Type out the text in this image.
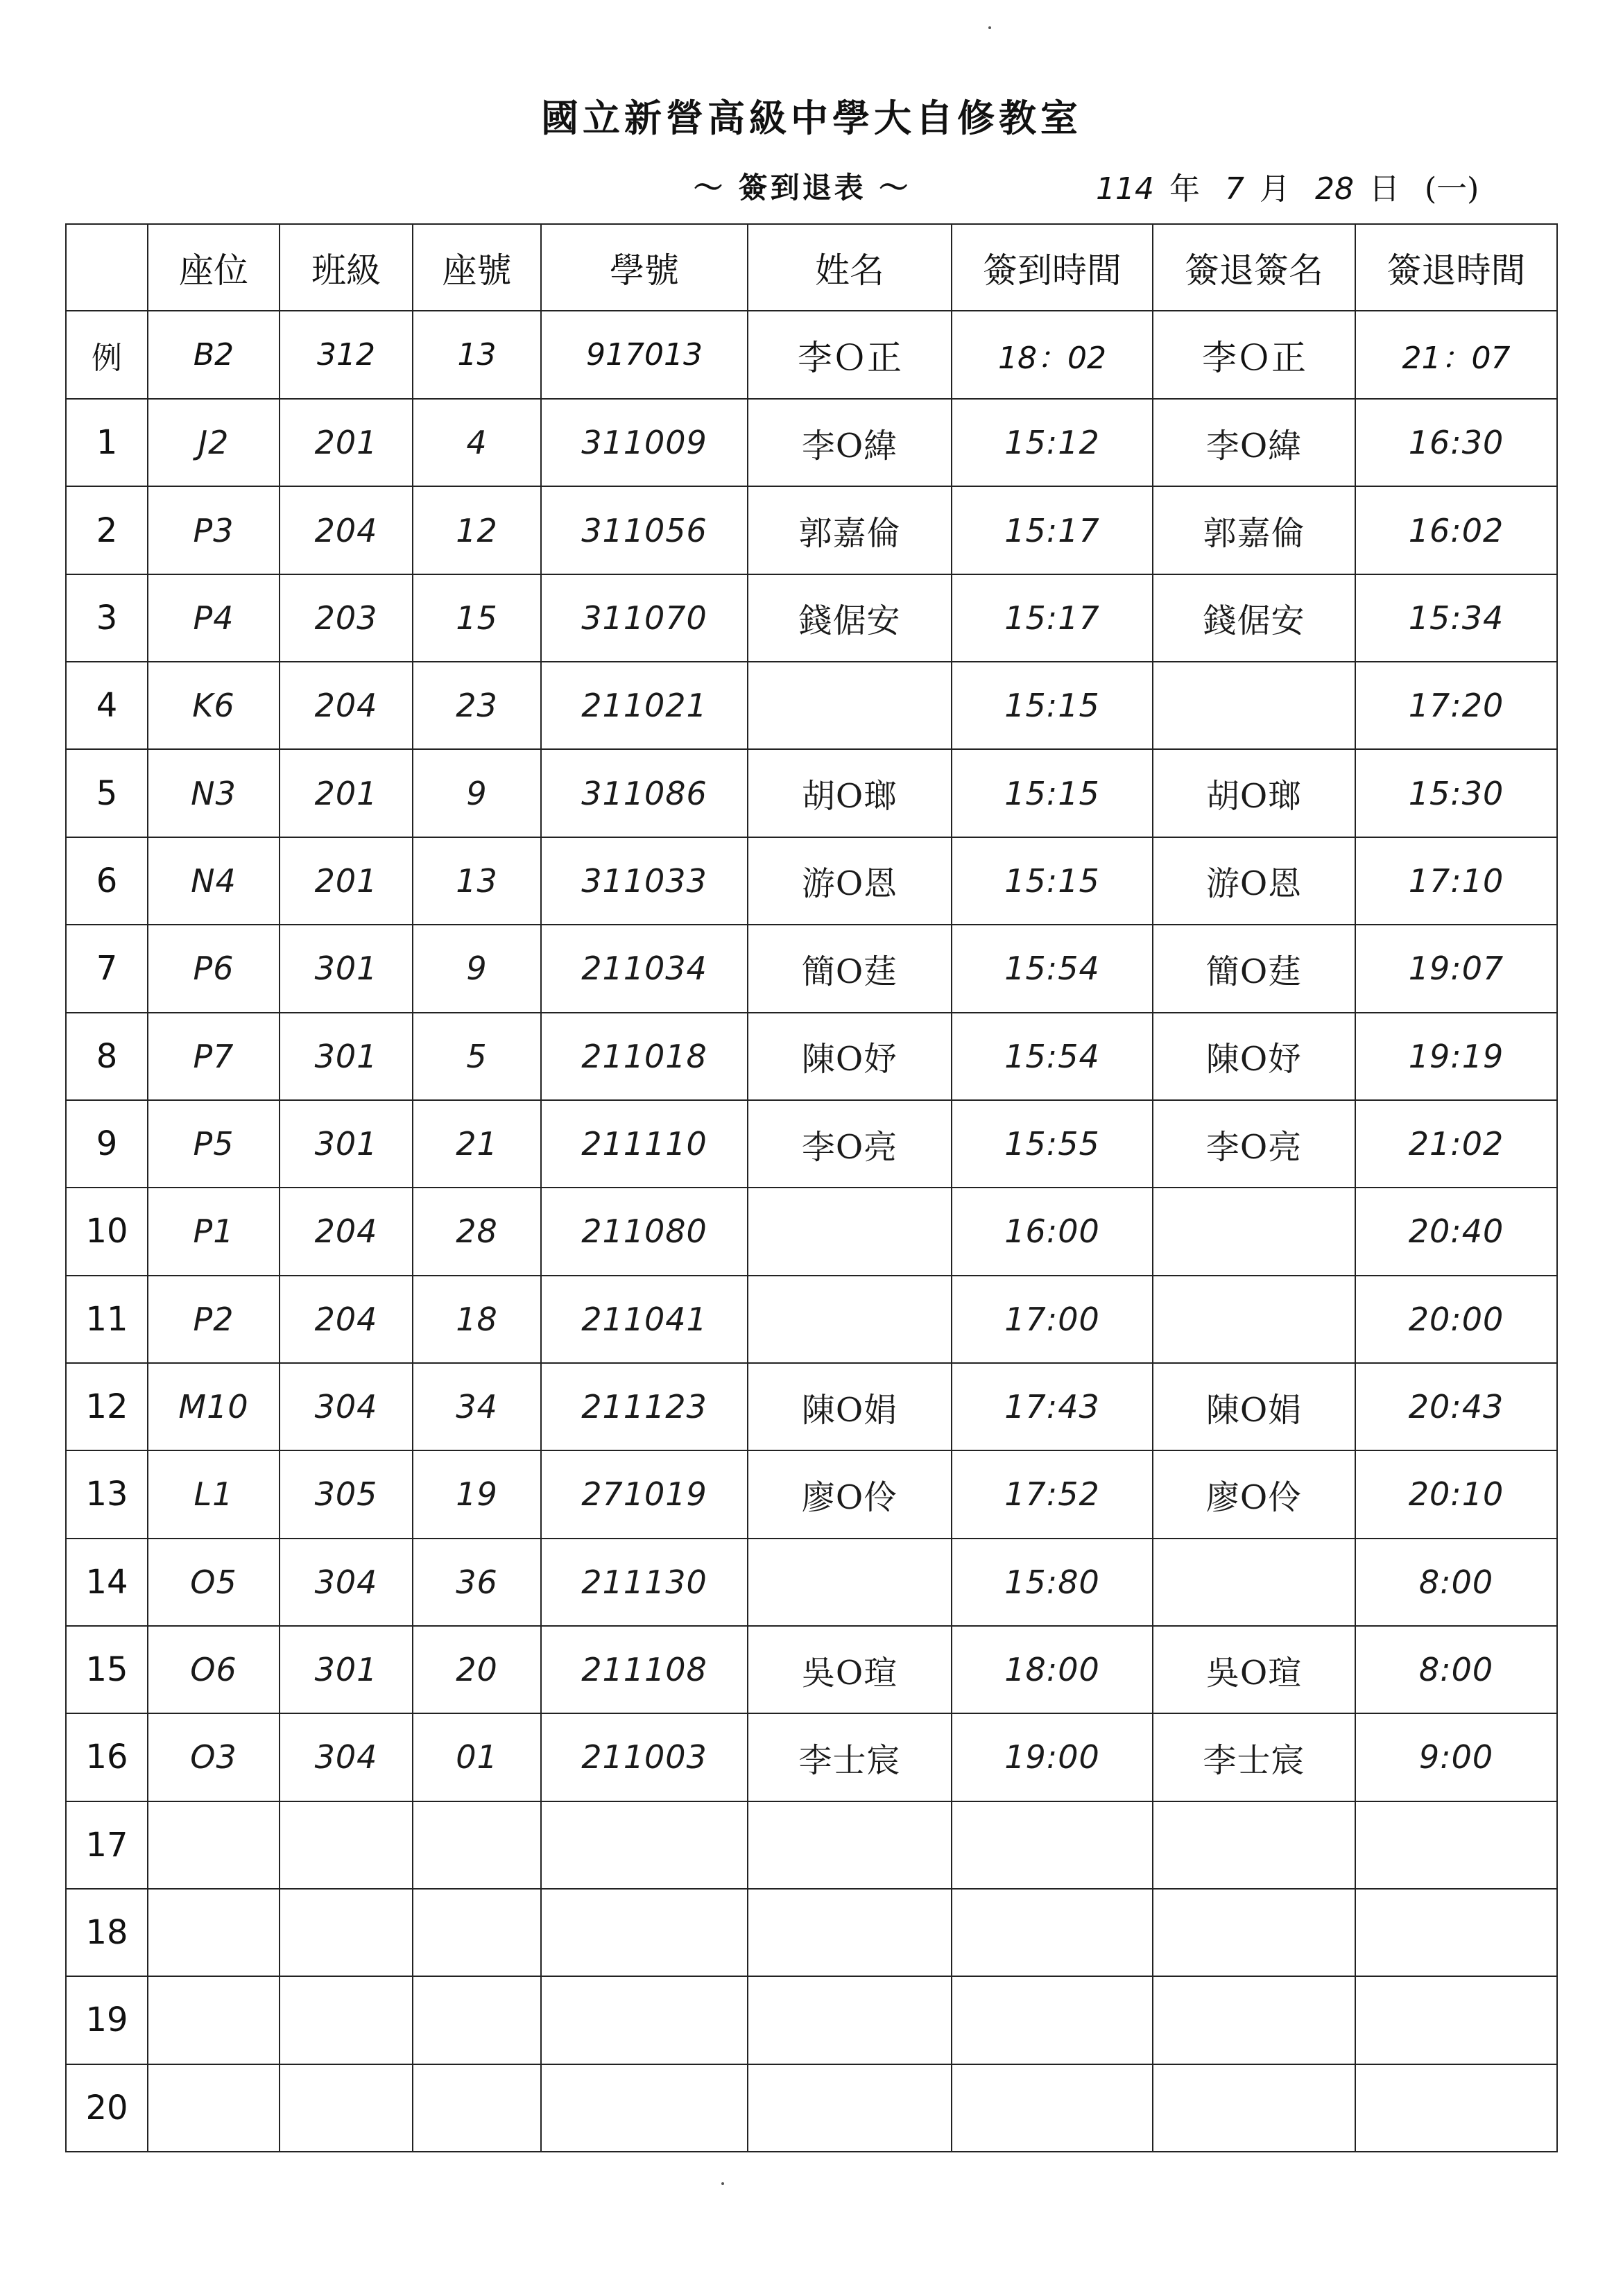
國立新營高級中學大自修教室
～ 簽到退表 ～	114 年 7 月 28 日 (一)
	座位	班級	座號	學號	姓名	簽到時間	簽退簽名	簽退時間
例	B2	312	13	917013	李Ｏ正	18：02	李Ｏ正	21：07
1	J2	201	4	311009	李O緯	15:12	李O緯	16:30
2	P3	204	12	311056	郭嘉倫	15:17	郭嘉倫	16:02
3	P4	203	15	311070	錢倨安	15:17	錢倨安	15:34
4	K6	204	23	211021		15:15		17:20
5	N3	201	9	311086	胡O瑯	15:15	胡O瑯	15:30
6	N4	201	13	311033	游O恩	15:15	游O恩	17:10
7	P6	301	9	211034	簡O莛	15:54	簡O莛	19:07
8	P7	301	5	211018	陳O妤	15:54	陳O妤	19:19
9	P5	301	21	211110	李O亮	15:55	李O亮	21:02
10	P1	204	28	211080		16:00		20:40
11	P2	204	18	211041		17:00		20:00
12	M10	304	34	211123	陳O娟	17:43	陳O娟	20:43
13	L1	305	19	271019	廖O伶	17:52	廖O伶	20:10
14	O5	304	36	211130		15:80		8:00
15	O6	301	20	211108	吳O瑄	18:00	吳O瑄	8:00
16	O3	304	01	211003	李士宸	19:00	李士宸	9:00
17								
18								
19								
20								
